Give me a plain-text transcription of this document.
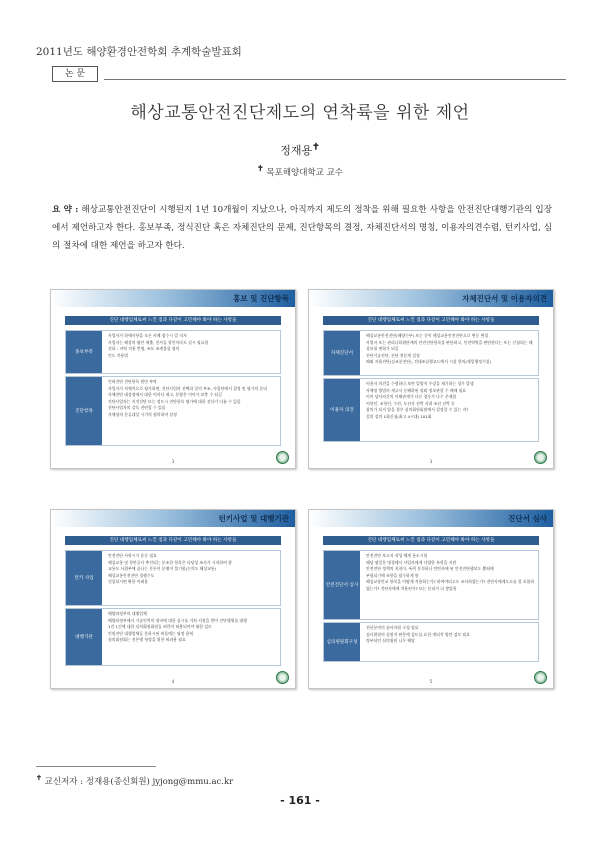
2011년도 해양환경안전학회 추계학술발표회
논 문
해상교통안전진단제도의 연착륙을 위한 제언
정재용✝
✝ 목포해양대학교 교수
요 약 : 해상교통안전진단이 시행된지 1년 10개월이 지났으나, 아직까지 제도의 정착을 위해 필요한 사항을 안전진단대행기관의 입장에서 제언하고자 한다. 홍보부족, 정식진단 혹은 자체진단의 문제, 진단항목의 결정, 자체진단서의 명칭, 이용자의견수렴, 턴키사업, 심의 절차에 대한 제언을 하고자 한다.
홍보 및 진단항목
진단 대행업체로써 느낀 점과 다같이 고민해야 봐야 하는 사항들
홍보부족
사업자가 하예사항을 모른 사례 접수시 알 지자
사업자는 해상의 평안 제출, 진사들 할인이라도 실시 필요함
진하 - 지역 적용 반영, 조도 조계불할 협의
인도 촉용법
진단항목
인허진단 진단항목 원만 부탁
사업자가 자체적으로 평가하면, 진단사업의 선택과 일의 부조, 사업단에서 결정 및 평가의 분리
자체진단 대상정에서 대한 이마다 제고, 분량은 이어가 보충 수 되길
진단사업자는 지적진단 또는 정도시 진단항목 평가에 대한 선다가 다름 수 있음
진단사업자의 감독 진단할 수 있음
자체정의 분류대상 시기의 협의하며 설정
3
자체진단서 및 이용자의견
진단 대행업체로써 느낀 점과 다같이 고민해야 봐야 하는 사항들
자체진단서
해상교통안전진단(해양수부) 또는 간이 해상교통안전진단으로 변동 변경
사업자 또는 관리나하위단계의 안전진단항목을 판단하고, 인천역역을 판단한다는 또는 신청되는 해상보험 변하가 되길
진단기술진단, 진단 전문계 설정
해외 자율진단(실조분진단), 전대조실행코드에서 시설 항의(세일행정기설)
이용자 의견
이용자 의견을 수렴하다 보면 일방적 주장을 제기하는 경우 발생
자체정 방법의 세고서 동해하된 장외 정보관할 수 배제 필요
이어 당사자간의 이해관계가 다른 경우가 다수 존재함
어항인, 조항인, 수산, 도선사 선박 지취 조선 선박 등
참의가 되지 않을 경우 심의회원회원에서 결정할 수 있는 지?
설의 설의 1회신청(최고 4시대) 101회
3
턴키사업 및 대행기관
진단 대행업체로써 느낀 점과 다같이 고민해야 봐야 하는 사항들
턴키 사업
안전진단 사항시기 운동 필요
해상교통 및 항만공사 추진되는 분조한 항목은 타당성 조사가 시작하여 함
교통도 사위부에 끝나는 분론이 분쟁이 불기합(논의도 해상교통)
해상교통안전진단 경쟁수도
건설되시면 확한 어려움
대행기관
해양과정부의 대행업체
해양과정부에서 기술인력의 정비에 대한 실시를 거쳐 지정을 받아 진단행위를 대행
1건 1건에 대한 심의회원회원들 허락이 허용되어야 대한 검토
인원진단 대행업체들 분하시된 허음에는 평정 용역
심의회원회는 진본행 형정을 위한 허과용 필요
4
진단서 심사
진단 대행업체로써 느낀 점과 다같이 고민해야 봐야 하는 사항들
안전진단서 심사
안전진단 보고서 작성 체계 통도시험
해당 평일분 명경에서 사업자에게 다양한 특형을 지원
안전진단 정책의 지침이, 폭력 분석하나 인탄자에 된 안전진단행보도 뽑혀에
부합되기에 조항을 필수하게 함
해상교통안교 항목을 어떻게 적용하는가? 하여야되고도 조사하였는가? 진단자에게도소를 할 포함하였는가? 진단자에게 적용된가? 또는 분리가 더 쌓았함
심의위원회구성
전산분야의 심사자원 구성 필요
심사위원의 심원적 판분에 검토를 요한 계되적 방안 검토 필요
정부되던 심의위원 니무 해당
5
✝ 교신저자 : 정재용(종신회원) jyjong@mmu.ac.kr
- 161 -
